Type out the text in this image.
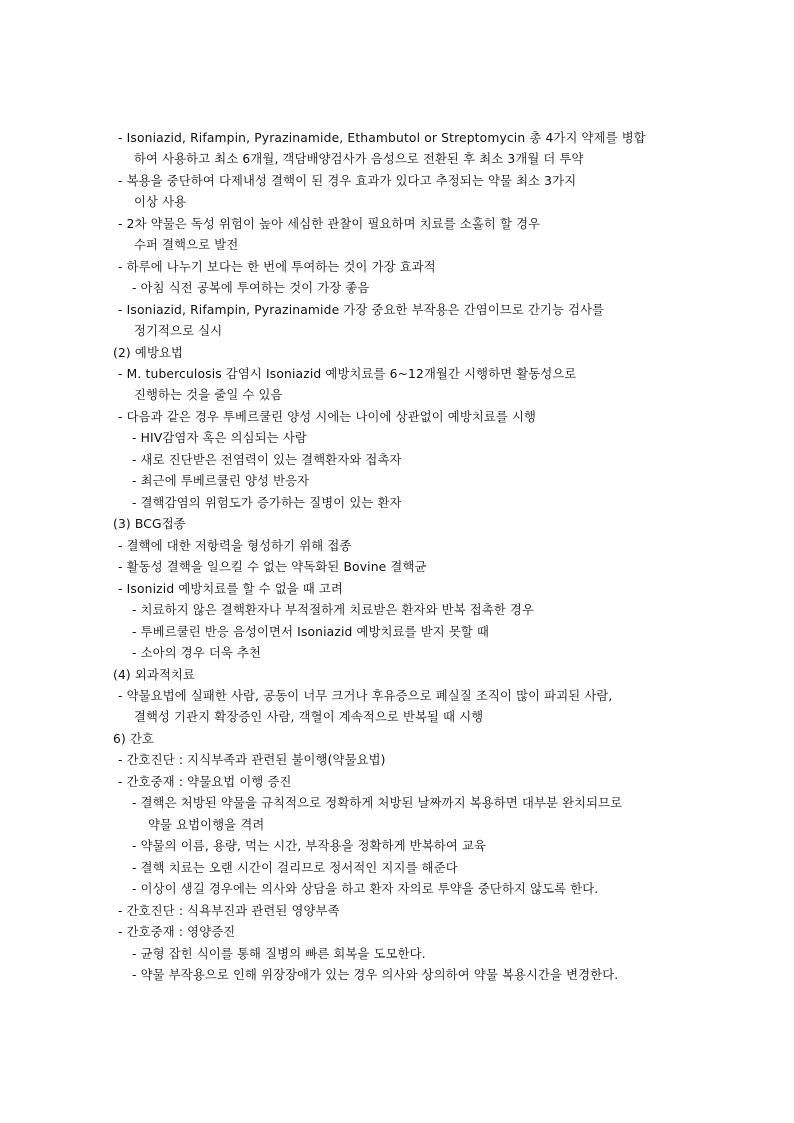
- Isoniazid, Rifampin, Pyrazinamide, Ethambutol or Streptomycin 총 4가지 약제를 병합
하여 사용하고 최소 6개월, 객담배양검사가 음성으로 전환된 후 최소 3개월 더 투약
- 복용을 중단하여 다제내성 결핵이 된 경우 효과가 있다고 추정되는 약물 최소 3가지
이상 사용
- 2차 약물은 독성 위험이 높아 세심한 관찰이 필요하며 치료를 소홀히 할 경우
수퍼 결핵으로 발전
- 하루에 나누기 보다는 한 번에 투여하는 것이 가장 효과적
- 아침 식전 공복에 투여하는 것이 가장 좋음
- Isoniazid, Rifampin, Pyrazinamide 가장 중요한 부작용은 간염이므로 간기능 검사를
정기적으로 실시
(2) 예방요법
- M. tuberculosis 감염시 Isoniazid 예방치료를 6~12개월간 시행하면 활동성으로
진행하는 것을 줄일 수 있음
- 다음과 같은 경우 투베르쿨린 양성 시에는 나이에 상관없이 예방치료를 시행
- HIV감염자 혹은 의심되는 사람
- 새로 진단받은 전염력이 있는 결핵환자와 접촉자
- 최근에 투베르쿨린 양성 반응자
- 결핵감염의 위험도가 증가하는 질병이 있는 환자
(3) BCG접종
- 결핵에 대한 저항력을 형성하기 위해 접종
- 활동성 결핵을 일으킬 수 없는 약독화된 Bovine 결핵균
- Isonizid 예방치료를 할 수 없을 때 고려
- 치료하지 않은 결핵환자나 부적절하게 치료받은 환자와 반복 접촉한 경우
- 투베르쿨린 반응 음성이면서 Isoniazid 예방치료를 받지 못할 때
- 소아의 경우 더욱 추천
(4) 외과적치료
- 약물요법에 실패한 사람, 공동이 너무 크거나 후유증으로 폐실질 조직이 많이 파괴된 사람,
결핵성 기관지 확장증인 사람, 객혈이 계속적으로 반복될 때 시행
6) 간호
- 간호진단 : 지식부족과 관련된 불이행(약물요법)
- 간호중재 : 약물요법 이행 증진
- 결핵은 처방된 약물을 규칙적으로 정확하게 처방된 날짜까지 복용하면 대부분 완치되므로
약물 요법이행을 격려
- 약물의 이름, 용량, 먹는 시간, 부작용을 정확하게 반복하여 교육
- 결핵 치료는 오랜 시간이 걸리므로 정서적인 지지를 해준다
- 이상이 생길 경우에는 의사와 상담을 하고 환자 자의로 투약을 중단하지 않도록 한다.
- 간호진단 : 식욕부진과 관련된 영양부족
- 간호중재 : 영양증진
- 균형 잡힌 식이를 통해 질병의 빠른 회복을 도모한다.
- 약물 부작용으로 인해 위장장애가 있는 경우 의사와 상의하여 약물 복용시간을 변경한다.
